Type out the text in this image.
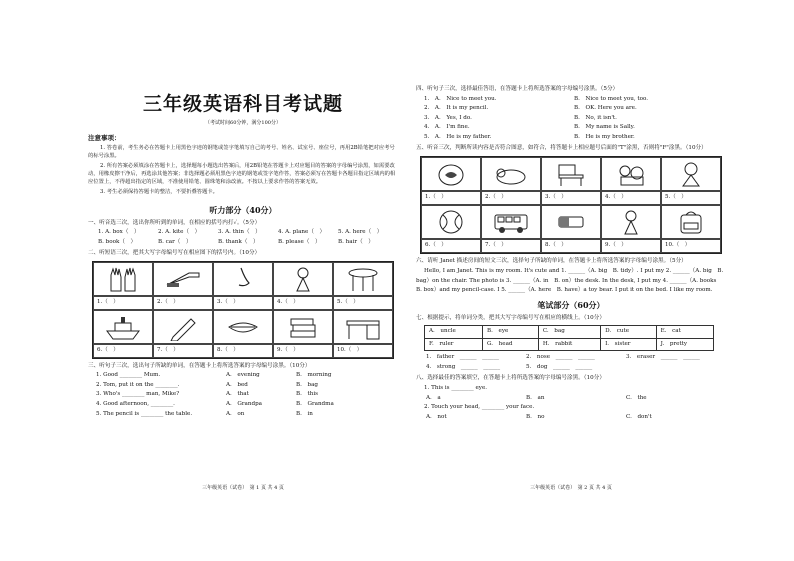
三年级英语科目考试题
（考试时间60分钟，满分100分）
注意事项：
1. 答卷前，考生务必在答题卡上用黑色字迹的钢笔或签字笔填写自己的考号、姓名、试室号、座位号，再用2B铅笔把对应考号的标号涂黑。
2. 所有答案必须填涂在答题卡上，选择题每小题选出答案后，用2B铅笔在答题卡上对应题目的答案的字母编号涂黑，如需要改动，用橡皮擦干净后，再选涂其他答案；非选择题必须用黑色字迹的钢笔或签字笔作答，答案必须写在答题卡各题目指定区域内的相应位置上，不得超出指定的区域，不准使用铅笔、圆珠笔和涂改液。不按以上要求作答的答案无效。
3. 考生必须保持答题卡的整洁，不要折叠答题卡。
听力部分（40分）
一、听音选三次，选出你所听到的单词，在相应的括号内打✓。（5分）
1. A. box（　）	2. A. kite（　）	3. A. thin（　）	4. A. plane（　）	5. A. here（　）
B. book（　）	B. car（　）	B. thank（　）	B. please（　）	B. hair（　）
二、听短语三次，把其大写字母编号写在相应图下的括号内。（10分）
1.（　）	2.（　）	3.（　）	4.（　）	5.（　）
6.（　）	7.（　）	8.（　）	9.（　）	10.（　）
三、听句子三次，选出句子所缺的单词，在答题卡上将所选答案的字母编号涂黑。（10分）
1. Good ________ Mum.	A.　evening	B.　morning
2. Tom, put it on the ________.	A.　bed	B.　bag
3. Who's ________ man, Mike?	A.　that	B.　this
4. Good afternoon, ________.	A.　Grandpa	B.　Grandma
5. The pencil is ________ the table.	A.　on	B.　in
三年级英语（试卷）　第 1 页 共 4 页
四、听句子三次，选择最佳答语，在答题卡上将所选答案的字母编号涂黑。（5分）
1.　A.　Nice to meet you.	B.　Nice to meet you, too.
2.　A.　It is my pencil.	B.　OK. Here you are.
3.　A.　Yes, I do.	B.　No, it isn't.
4.　A.　I'm fine.	B.　My name is Sally.
5.　A.　He is my father.	B.　He is my brother.
五、听音三次，判断所读内容是否符合图意，如符合，将答题卡上相应题号后面的"T"涂黑，否则将"F"涂黑。（10分）
1.（　）	2.（　）	3.（　）	4.（　）	5.（　）
6.（　）	7.（　）	8.（　）	9.（　）	10.（　）
六、请听 Janet 描述房间的短文三次，选择句子所缺的单词，在答题卡上将所选答案的字母编号涂黑。（5分）
Hello, I am Janet. This is my room. It's cute and 1. ______（A. big　B. tidy）. I put my 2. ______（A. big　B. bag）on the chair. The photo is 3. ______（A. in　B. on）the desk. In the desk, I put my 4. ______（A. books　B. box）and my pencil-case. I 5. ______（A. here　B. have）a toy bear. I put it on the bed. I like my room.
笔试部分（60分）
七、根据提示，将单词分类，把其大写字母编号写在相应的横线上。（10分）
A.　uncle	B.　eye	C.　bag	D.　cute	E.　cat
F.　ruler	G.　head	H.　rabbit	I.　sister	J.　pretty
1.　father　______　______	2.　nose　______　______	3.　eraser　______　______
4.　strong　______　______	5.　dog　______　______
八、选择最佳的答案填空，在答题卡上将所选答案的字母编号涂黑。（10分）
1. This is ________ eye.
A.　a	B.　an	C.　the
2. Touch your head, ________ your face.
A.　not	B.　no	C.　don't
三年级英语（试卷）　第 2 页 共 4 页
